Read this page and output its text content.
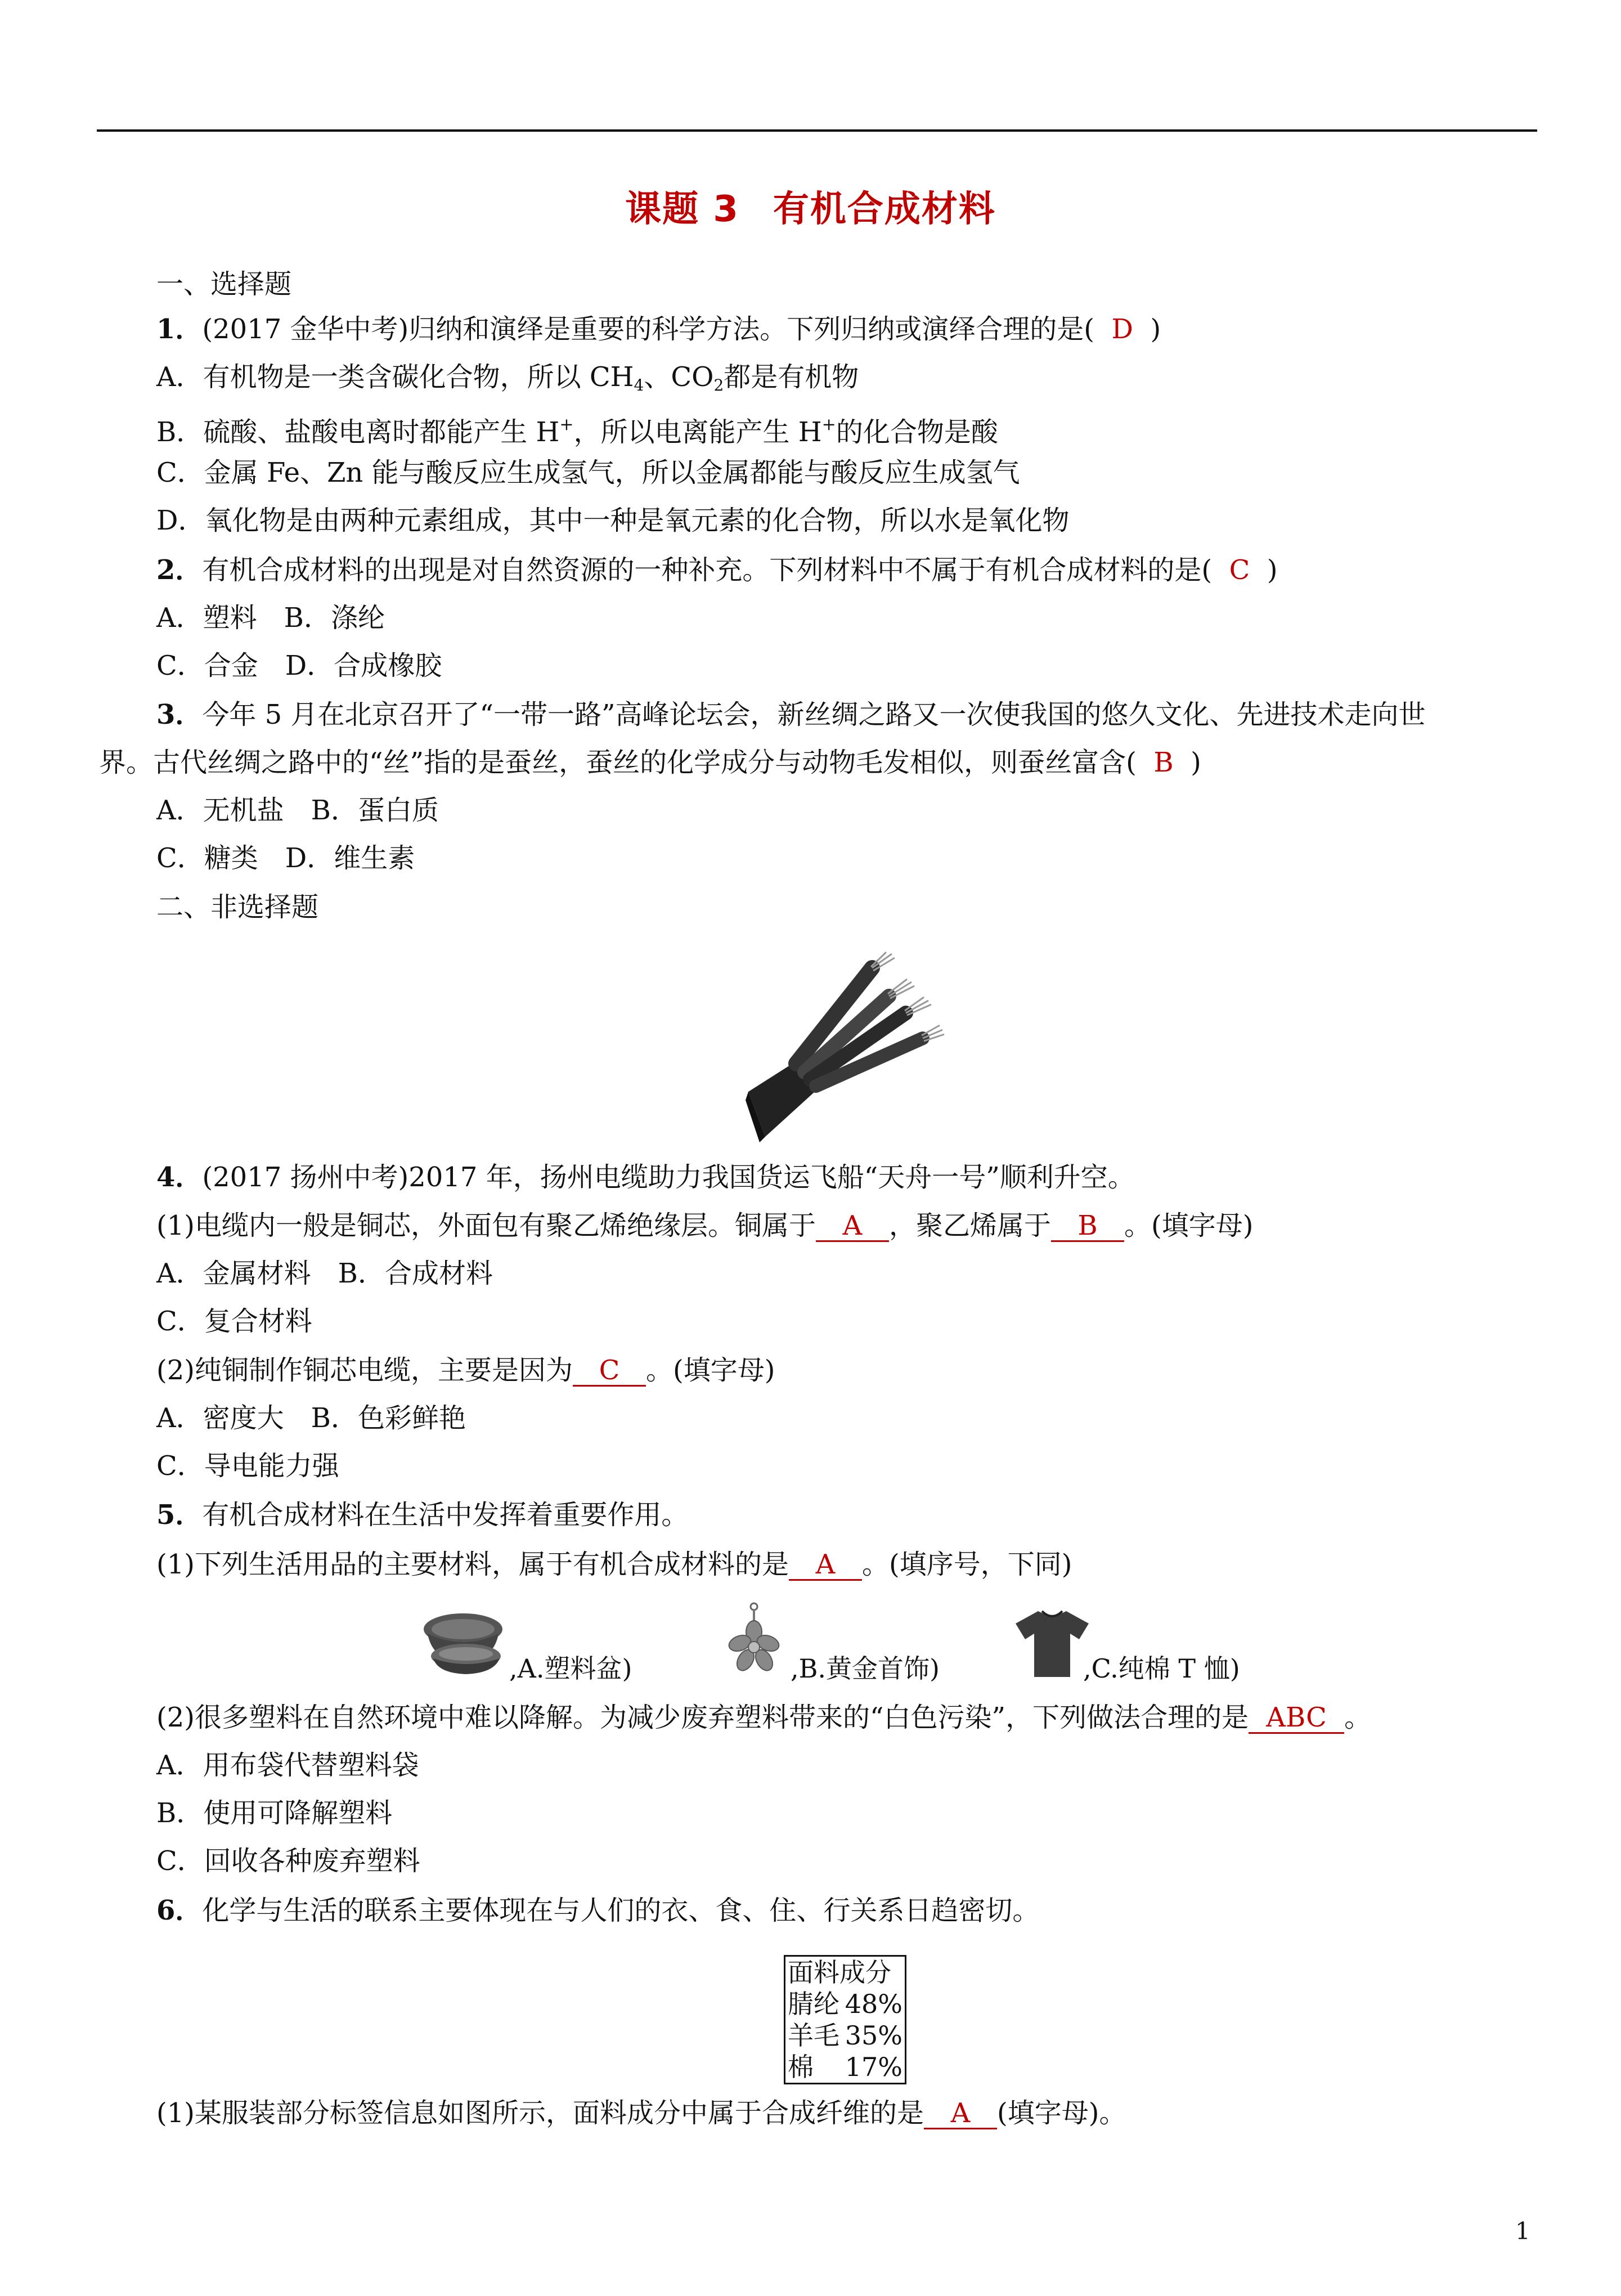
课题 3 有机合成材料
一、选择题
1．(2017 金华中考)归纳和演绎是重要的科学方法。下列归纳或演绎合理的是( D )
A．有机物是一类含碳化合物，所以 $CH_4$、$CO_2$都是有机物
B．硫酸、盐酸电离时都能产生 H+，所以电离能产生 H+的化合物是酸
C．金属 Fe、Zn 能与酸反应生成氢气，所以金属都能与酸反应生成氢气
D．氧化物是由两种元素组成，其中一种是氧元素的化合物，所以水是氧化物
2．有机合成材料的出现是对自然资源的一种补充。下列材料中不属于有机合成材料的是( C )
A．塑料　B．涤纶
C．合金　D．合成橡胶
3．今年 5 月在北京召开了“一带一路”高峰论坛会，新丝绸之路又一次使我国的悠久文化、先进技术走向世
界。古代丝绸之路中的“丝”指的是蚕丝，蚕丝的化学成分与动物毛发相似，则蚕丝富含( B )
A．无机盐　B．蛋白质
C．糖类　D．维生素
二、非选择题
4．(2017 扬州中考)2017 年，扬州电缆助力我国货运飞船“天舟一号”顺利升空。
(1)电缆内一般是铜芯，外面包有聚乙烯绝缘层。铜属于 A ，聚乙烯属于 B 。(填字母)
A．金属材料　B．合成材料
C．复合材料
(2)纯铜制作铜芯电缆，主要是因为 C 。(填字母)
A．密度大　B．色彩鲜艳
C．导电能力强
5．有机合成材料在生活中发挥着重要作用。
(1)下列生活用品的主要材料，属于有机合成材料的是 A 。(填序号，下同)
,A.塑料盆)	,B.黄金首饰)	,C.纯棉 T 恤)
(2)很多塑料在自然环境中难以降解。为减少废弃塑料带来的“白色污染”，下列做法合理的是 ABC 。
A．用布袋代替塑料袋
B．使用可降解塑料
C．回收各种废弃塑料
6．化学与生活的联系主要体现在与人们的衣、食、住、行关系日趋密切。
面料成分
腈纶 48%
羊毛 35%
棉 17%
(1)某服装部分标签信息如图所示，面料成分中属于合成纤维的是 A (填字母)。
1
